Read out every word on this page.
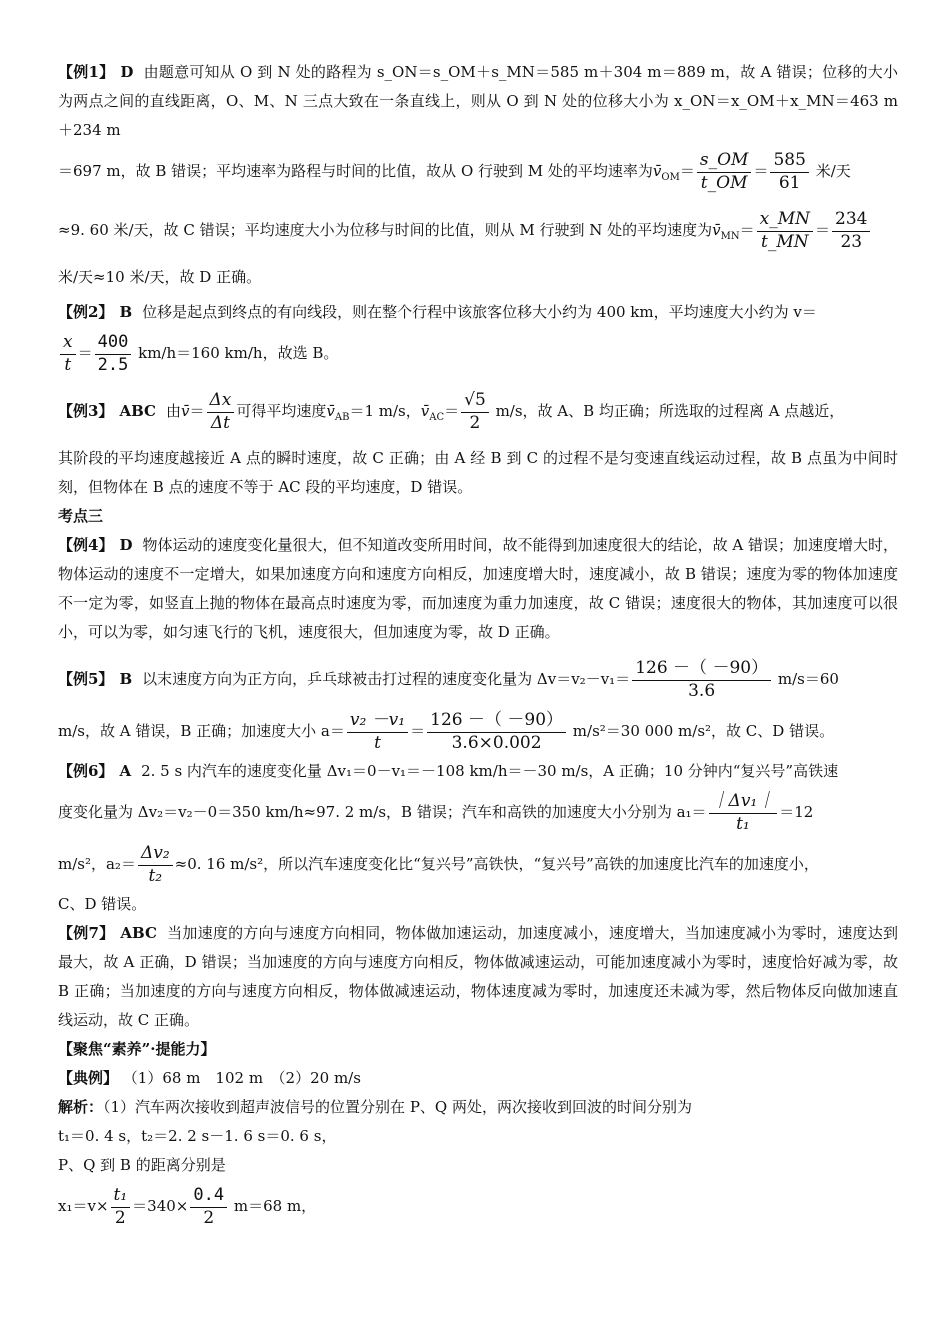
【例1】 D 由题意可知从 O 到 N 处的路程为 s_ON＝s_OM＋s_MN＝585 m＋304 m＝889 m，故 A 错误；位移的大小为两点之间的直线距离，O、M、N 三点大致在一条直线上，则从 O 到 N 处的位移大小为 x_ON＝x_OM＋x_MN＝463 m＋234 m

＝697 m，故 B 错误；平均速率为路程与时间的比值，故从 O 行驶到 M 处的平均速率为$v̄_{OM}= \frac{s\_OM}{t\_OM} = \frac{585}{61}$ 米/天

≈9. 60 米/天，故 C 错误；平均速度大小为位移与时间的比值，则从 M 行驶到 N 处的平均速度为$v̄_{MN}= \frac{x\_MN}{t\_MN} = \frac{234}{23}$

米/天≈10 米/天，故 D 正确。

【例2】 B 位移是起点到终点的有向线段，则在整个行程中该旅客位移大小约为 400 km，平均速度大小约为 v＝

$\frac{x}{t} = \frac{400}{2.5} km/h=160$ km/h，故选 B。

【例3】 ABC 由v̄＝ $\frac{\Delta x}{\Delta t}$ 可得平均速度$v̄_{AB}=1$ m/s，$v̄_{AC}= \frac{√5}{2} m/s$，故 A、B 均正确；所选取的过程离 A 点越近，

其阶段的平均速度越接近 A 点的瞬时速度，故 C 正确；由 A 经 B 到 C 的过程不是匀变速直线运动过程，故 B 点虽为中间时刻，但物体在 B 点的速度不等于 AC 段的平均速度，D 错误。

考点三

【例4】 D 物体运动的速度变化量很大，但不知道改变所用时间，故不能得到加速度很大的结论，故 A 错误；加速度增大时，物体运动的速度不一定增大，如果加速度方向和速度方向相反，加速度增大时，速度减小，故 B 错误；速度为零的物体加速度不一定为零，如竖直上抛的物体在最高点时速度为零，而加速度为重力加速度，故 C 错误；速度很大的物体，其加速度可以很小，可以为零，如匀速飞行的飞机，速度很大，但加速度为零，故 D 正确。

【例5】 B 以末速度方向为正方向，乒乓球被击打过程的速度变化量为 $\Delta v=v_2-v_1= \frac{126 -( -90)}{3.6} m/s=60$

m/s，故 A 错误，B 正确；加速度大小 $a= \frac{\text{v₂ －v₁}}{t} = \frac{126 -( -90)}{3.6\times 0.002} m/s^2=30$ 000 m/s²，故 C、D 错误。

【例6】 A 2. 5 s 内汽车的速度变化量 Δv₁＝0－v₁＝－108 km/h＝－30 m/s，A 正确；10 分钟内“复兴号”高铁速

度变化量为 Δv₂＝v₂－0＝350 km/h≈97. 2 m/s，B 错误；汽车和高铁的加速度大小分别为 $a_1= \frac{\text{｜Δv₁｜}}{\text{t₁}} =12$

m/s²，$a_2= \frac{\text{Δv₂}}{\text{t₂}} \approx 0$. 16 m/s²，所以汽车速度变化比“复兴号”高铁快，“复兴号”高铁的加速度比汽车的加速度小，

C、D 错误。

【例7】 ABC 当加速度的方向与速度方向相同，物体做加速运动，加速度减小，速度增大，当加速度减小为零时，速度达到最大，故 A 正确，D 错误；当加速度的方向与速度方向相反，物体做减速运动，可能加速度减小为零时，速度恰好减为零，故 B 正确；当加速度的方向与速度方向相反，物体做减速运动，物体速度减为零时，加速度还未减为零，然后物体反向做加速直线运动，故 C 正确。

【聚焦“素养”·提能力】

【典例】 （1）68 m　102 m　（2）20 m/s

解析：（1）汽车两次接收到超声波信号的位置分别在 P、Q 两处，两次接收到回波的时间分别为

t₁＝0. 4 s，t₂＝2. 2 s－1. 6 s＝0. 6 s，

P、Q 到 B 的距离分别是

$x_1=v\times \frac{\text{t₁}}{2} =340\times \frac{0.4}{2} m=68$ m，
